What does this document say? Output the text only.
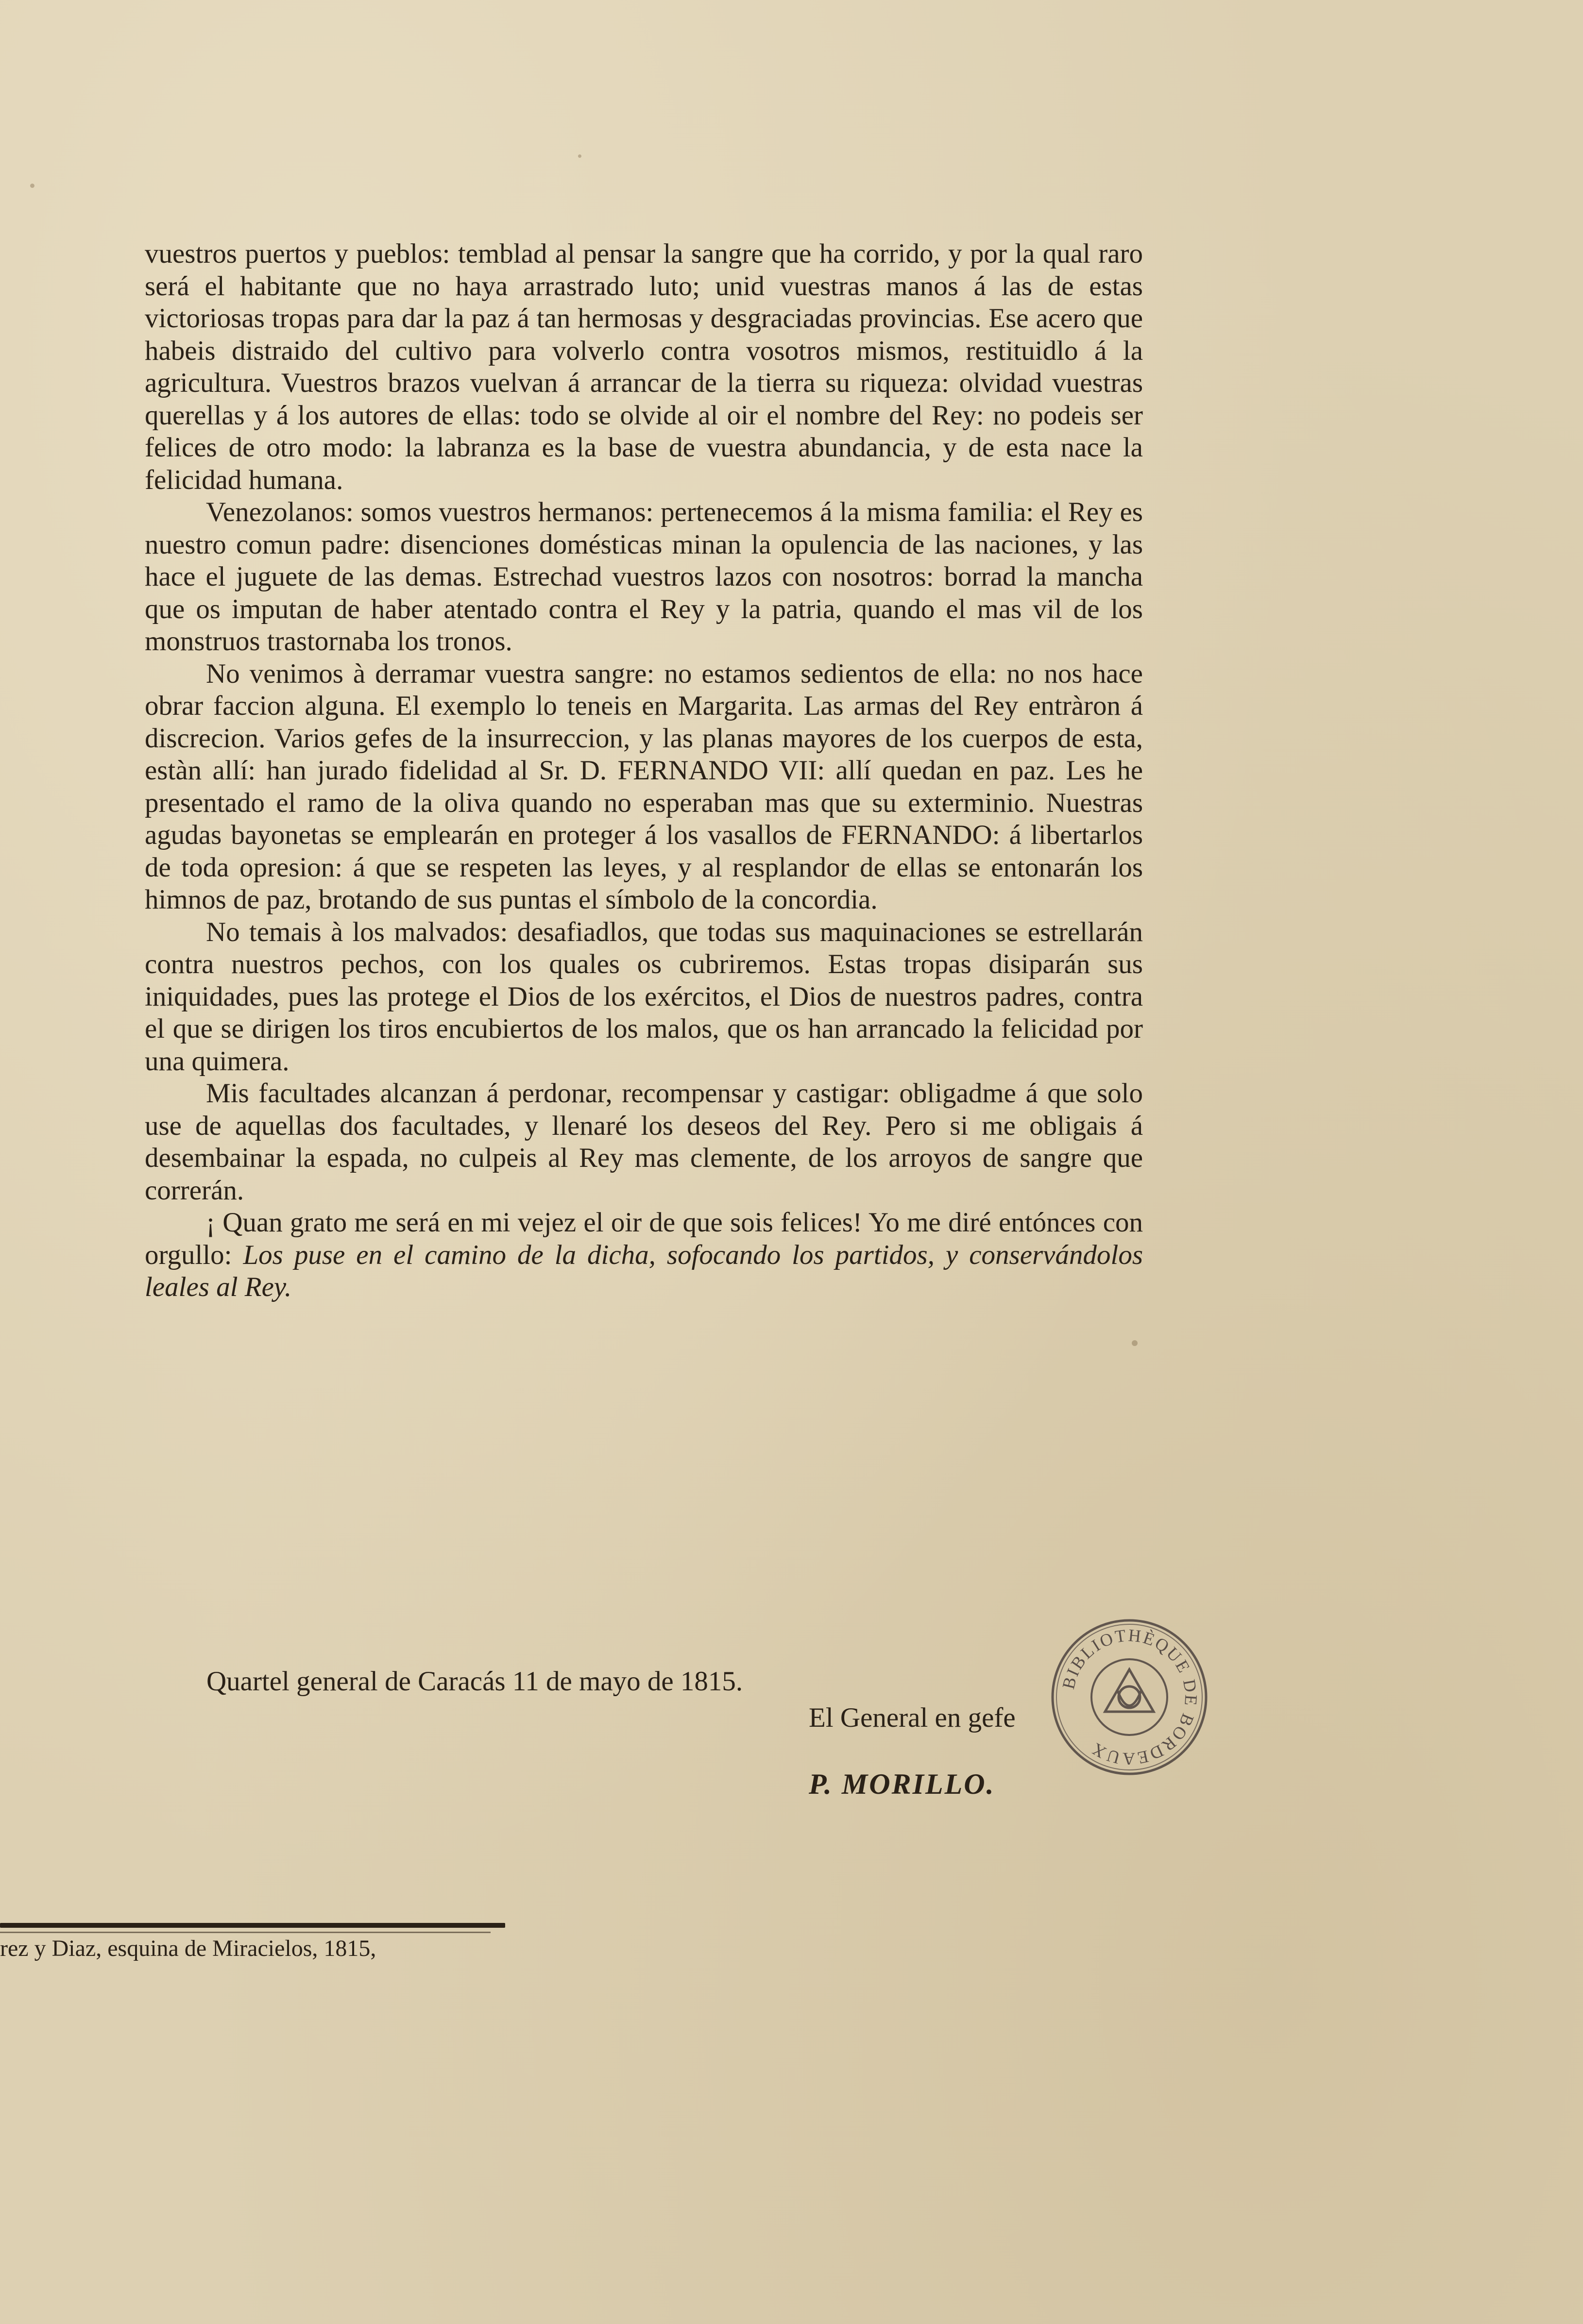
vuestros puertos y pueblos: temblad al pensar la sangre que ha corrido, y por la qual raro será el habitante que no haya arrastrado luto; unid vuestras manos á las de estas victoriosas tropas para dar la paz á tan hermosas y desgraciadas provincias. Ese acero que habeis distraido del cultivo para volverlo contra vosotros mismos, restituidlo á la agricultura. Vuestros brazos vuelvan á arrancar de la tierra su riqueza: olvidad vuestras querellas y á los autores de ellas: todo se olvide al oir el nombre del Rey: no podeis ser felices de otro modo: la labranza es la base de vuestra abundancia, y de esta nace la felicidad humana.

Venezolanos: somos vuestros hermanos: pertenecemos á la misma familia: el Rey es nuestro comun padre: disenciones domésticas minan la opulencia de las naciones, y las hace el juguete de las demas. Estrechad vuestros lazos con nosotros: borrad la mancha que os imputan de haber atentado contra el Rey y la patria, quando el mas vil de los monstruos trastornaba los tronos.

No venimos à derramar vuestra sangre: no estamos sedientos de ella: no nos hace obrar faccion alguna. El exemplo lo teneis en Margarita. Las armas del Rey entràron á discrecion. Varios gefes de la insurreccion, y las planas mayores de los cuerpos de esta, estàn allí: han jurado fidelidad al Sr. D. FERNANDO VII: allí quedan en paz. Les he presentado el ramo de la oliva quando no esperaban mas que su exterminio. Nuestras agudas bayonetas se emplearán en proteger á los vasallos de FERNANDO: á libertarlos de toda opresion: á que se respeten las leyes, y al resplandor de ellas se entonarán los himnos de paz, brotando de sus puntas el símbolo de la concordia.

No temais à los malvados: desafiadlos, que todas sus maquinaciones se estrellarán contra nuestros pechos, con los quales os cubriremos. Estas tropas disiparán sus iniquidades, pues las protege el Dios de los exércitos, el Dios de nuestros padres, contra el que se dirigen los tiros encubiertos de los malos, que os han arrancado la felicidad por una quimera.

Mis facultades alcanzan á perdonar, recompensar y castigar: obligadme á que solo use de aquellas dos facultades, y llenaré los deseos del Rey. Pero si me obligais á desembainar la espada, no culpeis al Rey mas clemente, de los arroyos de sangre que correrán.

¡ Quan grato me será en mi vejez el oir de que sois felices! Yo me diré entónces con orgullo: Los puse en el camino de la dicha, sofocando los partidos, y conservándolos leales al Rey.

Quartel general de Caracás 11 de mayo de 1815.
El General en gefe
P. MORILLO.
BIBLIOTHÈQUE DE BORDEAUX
rez y Diaz, esquina de Miracielos, 1815,
